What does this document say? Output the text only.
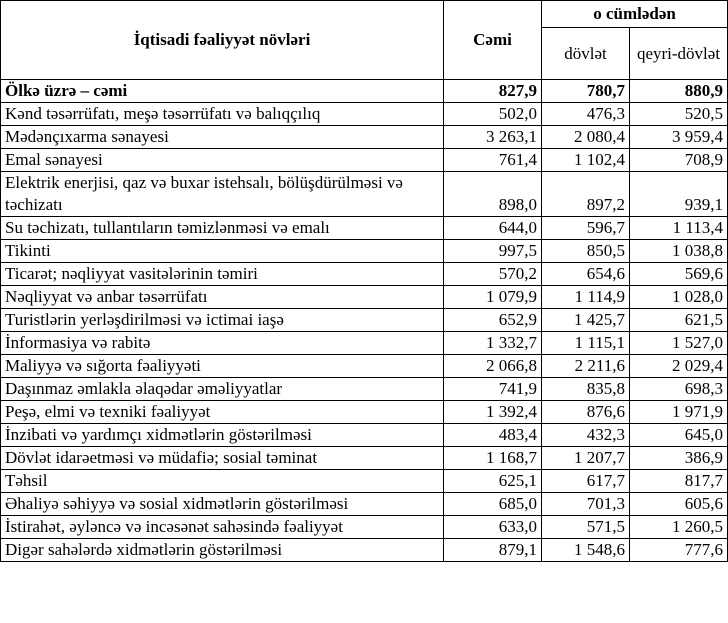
İqtisadi fəaliyyət növləri	Cəmi	o cümlədən	
		dövlət	qeyri-dövlət
Ölkə üzrə – cəmi	827,9	780,7	880,9
Kənd təsərrüfatı, meşə təsərrüfatı və balıqçılıq	502,0	476,3	520,5
Mədənçıxarma sənayesi	3 263,1	2 080,4	3 959,4
Emal sənayesi	761,4	1 102,4	708,9
Elektrik enerjisi, qaz və buxar istehsalı, bölüşdürülməsi və təchizatı	898,0	897,2	939,1
Su təchizatı, tullantıların təmizlənməsi və emalı	644,0	596,7	1 113,4
Tikinti	997,5	850,5	1 038,8
Ticarət; nəqliyyat vasitələrinin təmiri	570,2	654,6	569,6
Nəqliyyat və anbar təsərrüfatı	1 079,9	1 114,9	1 028,0
Turistlərin yerləşdirilməsi və ictimai iaşə	652,9	1 425,7	621,5
İnformasiya və rabitə	1 332,7	1 115,1	1 527,0
Maliyyə və sığorta fəaliyyəti	2 066,8	2 211,6	2 029,4
Daşınmaz əmlakla əlaqədar əməliyyatlar	741,9	835,8	698,3
Peşə, elmi və texniki fəaliyyət	1 392,4	876,6	1 971,9
İnzibati və yardımçı xidmətlərin göstərilməsi	483,4	432,3	645,0
Dövlət idarəetməsi və müdafiə; sosial təminat	1 168,7	1 207,7	386,9
Təhsil	625,1	617,7	817,7
Əhaliyə səhiyyə və sosial xidmətlərin göstərilməsi	685,0	701,3	605,6
İstirahət, əyləncə və incəsənət sahəsində fəaliyyət	633,0	571,5	1 260,5
Digər sahələrdə xidmətlərin göstərilməsi	879,1	1 548,6	777,6
